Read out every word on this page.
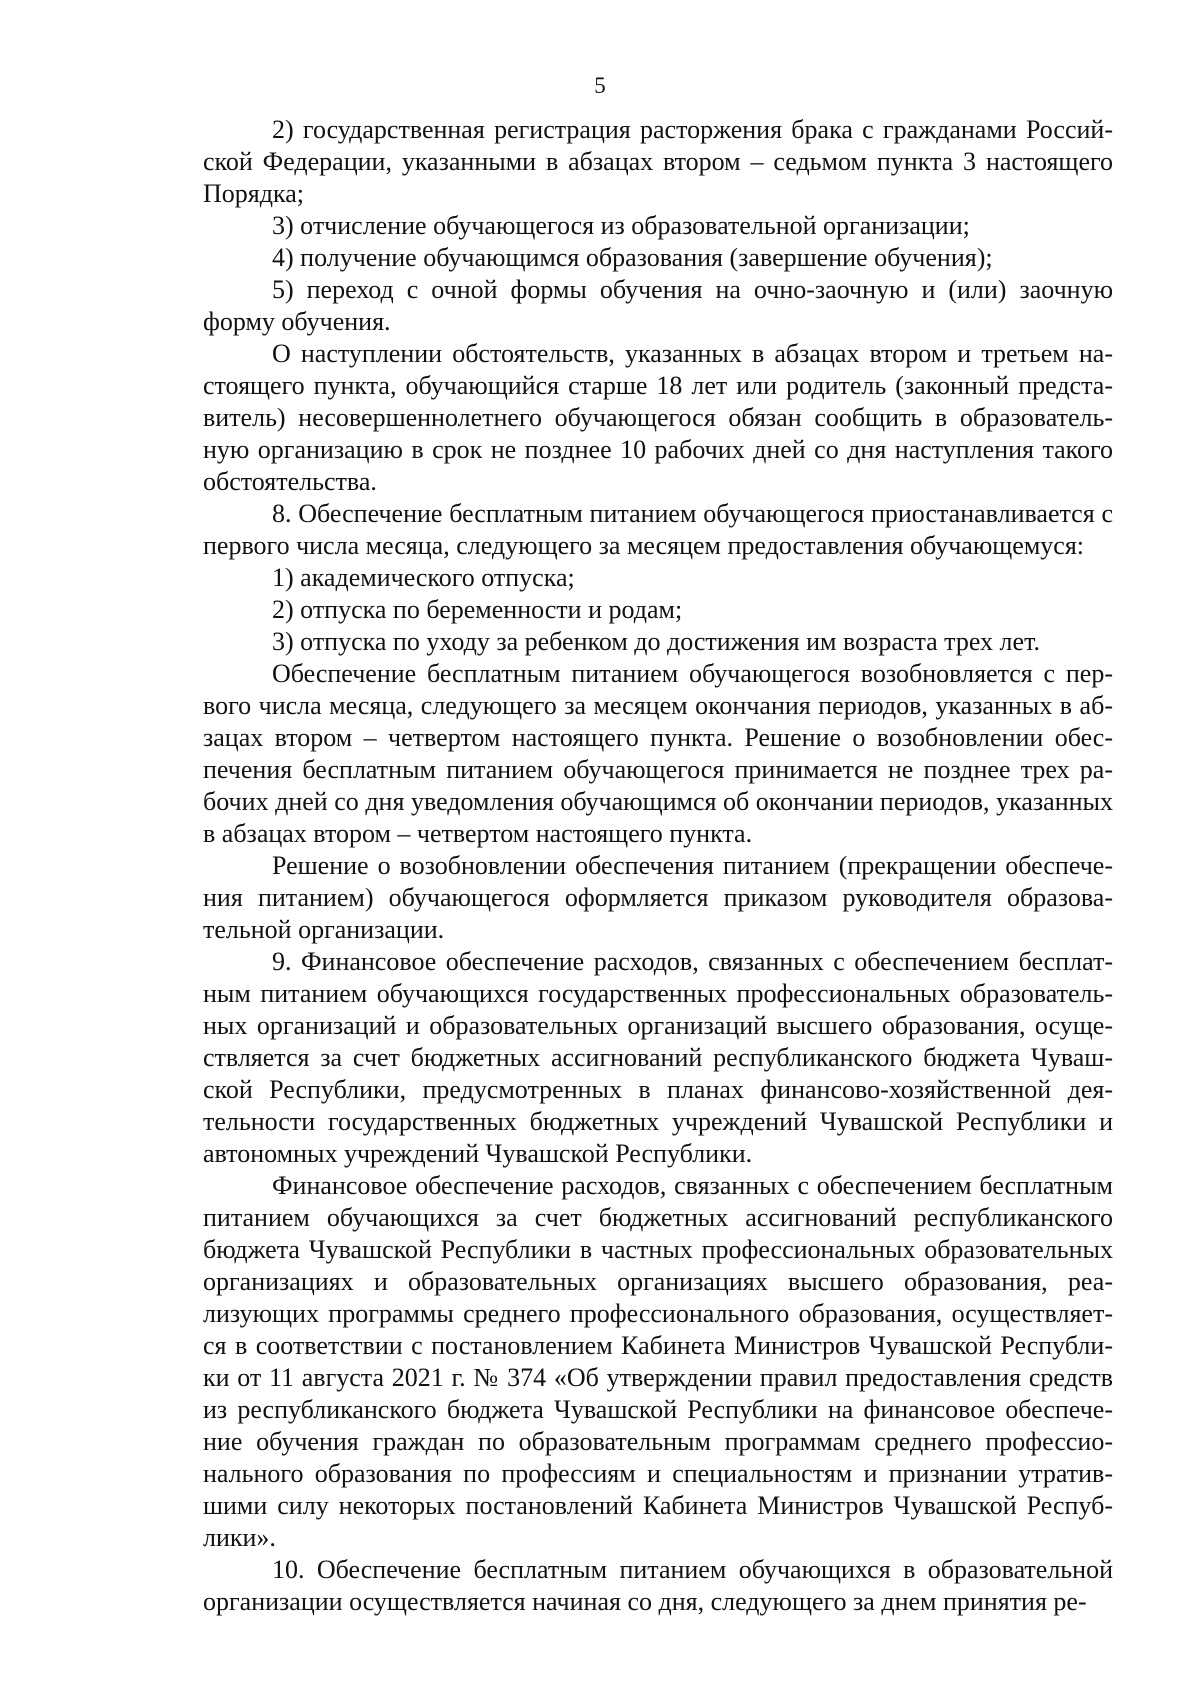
5

2) государственная регистрация расторжения брака с гражданами Российской Федерации, указанными в абзацах втором – седьмом пункта 3 настоящего Порядка;

3) отчисление обучающегося из образовательной организации;

4) получение обучающимся образования (завершение обучения);

5) переход с очной формы обучения на очно-заочную и (или) заочную форму обучения.

О наступлении обстоятельств, указанных в абзацах втором и третьем настоящего пункта, обучающийся старше 18 лет или родитель (законный представитель) несовершеннолетнего обучающегося обязан сообщить в образовательную организацию в срок не позднее 10 рабочих дней со дня наступления такого обстоятельства.

8. Обеспечение бесплатным питанием обучающегося приостанавливается с первого числа месяца, следующего за месяцем предоставления обучающемуся:

1) академического отпуска;

2) отпуска по беременности и родам;

3) отпуска по уходу за ребенком до достижения им возраста трех лет.

Обеспечение бесплатным питанием обучающегося возобновляется с первого числа месяца, следующего за месяцем окончания периодов, указанных в абзацах втором – четвертом настоящего пункта. Решение о возобновлении обеспечения бесплатным питанием обучающегося принимается не позднее трех рабочих дней со дня уведомления обучающимся об окончании периодов, указанных в абзацах втором – четвертом настоящего пункта.

Решение о возобновлении обеспечения питанием (прекращении обеспечения питанием) обучающегося оформляется приказом руководителя образовательной организации.

9. Финансовое обеспечение расходов, связанных с обеспечением бесплатным питанием обучающихся государственных профессиональных образовательных организаций и образовательных организаций высшего образования, осуществляется за счет бюджетных ассигнований республиканского бюджета Чувашской Республики, предусмотренных в планах финансово-хозяйственной деятельности государственных бюджетных учреждений Чувашской Республики и автономных учреждений Чувашской Республики.

Финансовое обеспечение расходов, связанных с обеспечением бесплатным питанием обучающихся за счет бюджетных ассигнований республиканского бюджета Чувашской Республики в частных профессиональных образовательных организациях и образовательных организациях высшего образования, реализующих программы среднего профессионального образования, осуществляется в соответствии с постановлением Кабинета Министров Чувашской Республики от 11 августа 2021 г. № 374 «Об утверждении правил предоставления средств из республиканского бюджета Чувашской Республики на финансовое обеспечение обучения граждан по образовательным программам среднего профессионального образования по профессиям и специальностям и признании утратившими силу некоторых постановлений Кабинета Министров Чувашской Республики».

10. Обеспечение бесплатным питанием обучающихся в образовательной организации осуществляется начиная со дня, следующего за днем принятия ре-
